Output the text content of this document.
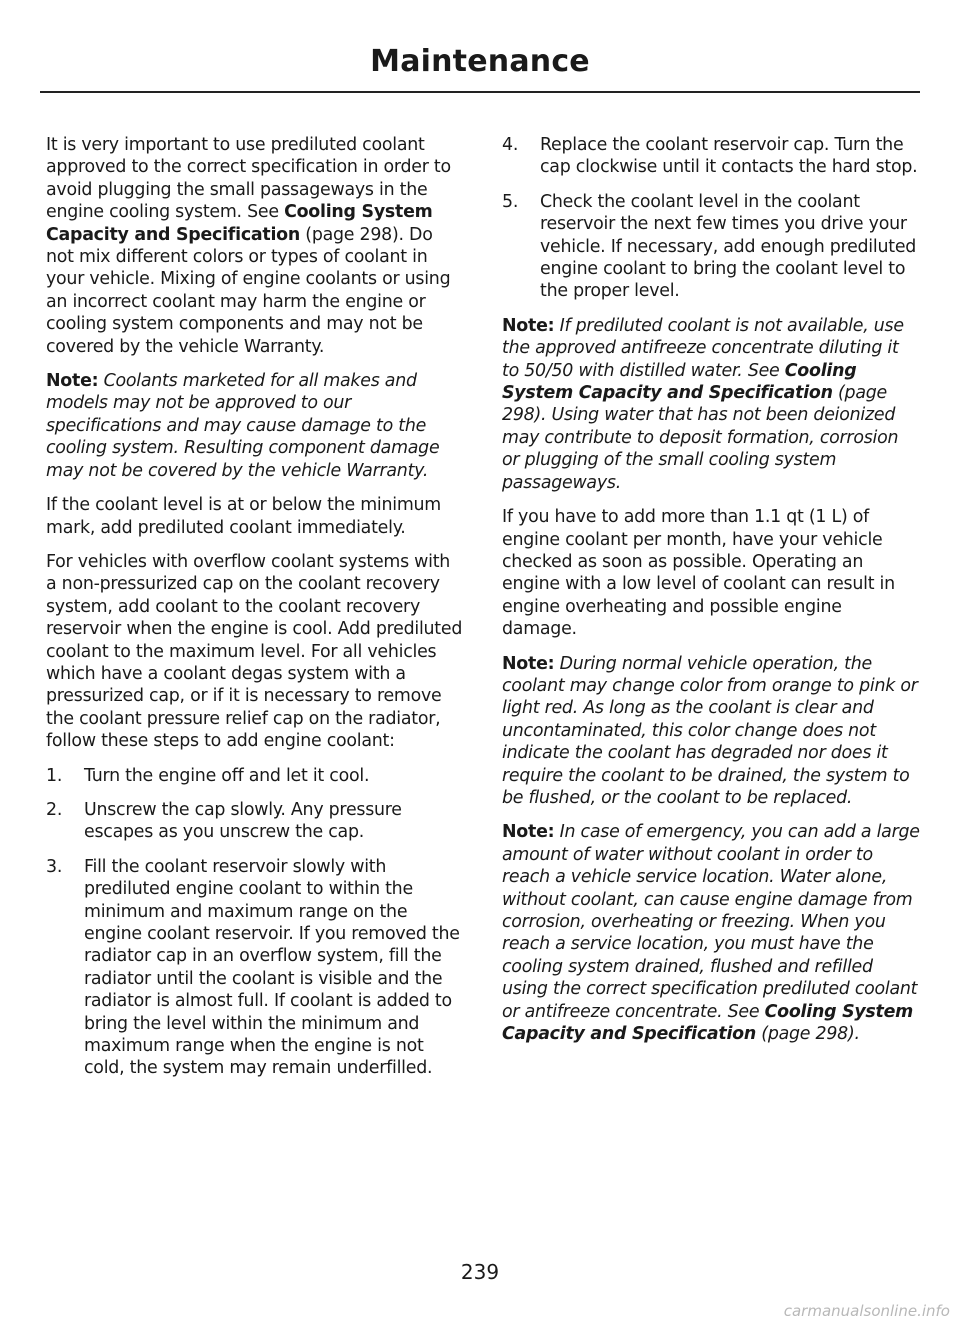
Maintenance

It is very important to use prediluted coolant approved to the correct specification in order to avoid plugging the small passageways in the engine cooling system. See Cooling System Capacity and Specification (page 298). Do not mix different colors or types of coolant in your vehicle. Mixing of engine coolants or using an incorrect coolant may harm the engine or cooling system components and may not be covered by the vehicle Warranty.

Note: Coolants marketed for all makes and models may not be approved to our specifications and may cause damage to the cooling system. Resulting component damage may not be covered by the vehicle Warranty.

If the coolant level is at or below the minimum mark, add prediluted coolant immediately.

For vehicles with overflow coolant systems with a non-pressurized cap on the coolant recovery system, add coolant to the coolant recovery reservoir when the engine is cool. Add prediluted coolant to the maximum level. For all vehicles which have a coolant degas system with a pressurized cap, or if it is necessary to remove the coolant pressure relief cap on the radiator, follow these steps to add engine coolant:

1. Turn the engine off and let it cool.
2. Unscrew the cap slowly. Any pressure escapes as you unscrew the cap.
3. Fill the coolant reservoir slowly with prediluted engine coolant to within the minimum and maximum range on the engine coolant reservoir. If you removed the radiator cap in an overflow system, fill the radiator until the coolant is visible and the radiator is almost full. If coolant is added to bring the level within the minimum and maximum range when the engine is not cold, the system may remain underfilled.
4. Replace the coolant reservoir cap. Turn the cap clockwise until it contacts the hard stop.
5. Check the coolant level in the coolant reservoir the next few times you drive your vehicle. If necessary, add enough prediluted engine coolant to bring the coolant level to the proper level.

Note: If prediluted coolant is not available, use the approved antifreeze concentrate diluting it to 50/50 with distilled water. See Cooling System Capacity and Specification (page 298). Using water that has not been deionized may contribute to deposit formation, corrosion or plugging of the small cooling system passageways.

If you have to add more than 1.1 qt (1 L) of engine coolant per month, have your vehicle checked as soon as possible. Operating an engine with a low level of coolant can result in engine overheating and possible engine damage.

Note: During normal vehicle operation, the coolant may change color from orange to pink or light red. As long as the coolant is clear and uncontaminated, this color change does not indicate the coolant has degraded nor does it require the coolant to be drained, the system to be flushed, or the coolant to be replaced.

Note: In case of emergency, you can add a large amount of water without coolant in order to reach a vehicle service location. Water alone, without coolant, can cause engine damage from corrosion, overheating or freezing. When you reach a service location, you must have the cooling system drained, flushed and refilled using the correct specification prediluted coolant or antifreeze concentrate. See Cooling System Capacity and Specification (page 298).

239
carmanualsonline.info
